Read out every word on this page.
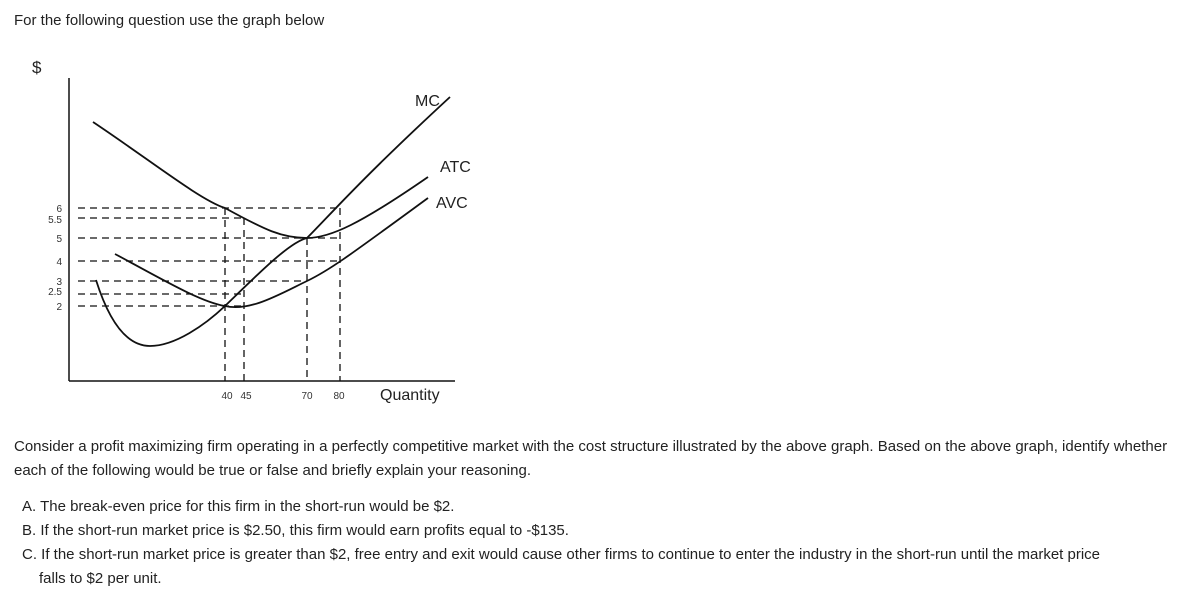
For the following question use the graph below
$
MC
ATC
AVC
6
5.5
5
4
3
2.5
2
40 45	70 80 Quantity
Consider a profit maximizing firm operating in a perfectly competitive market with the cost structure illustrated by the above graph. Based on the above graph, identify whether each of the following would be true or false and briefly explain your reasoning.

A. The break-even price for this firm in the short-run would be $2.

B. If the short-run market price is $2.50, this firm would earn profits equal to -$135.

C. If the short-run market price is greater than $2, free entry and exit would cause other firms to continue to enter the industry in the short-run until the market price
falls to $2 per unit.
